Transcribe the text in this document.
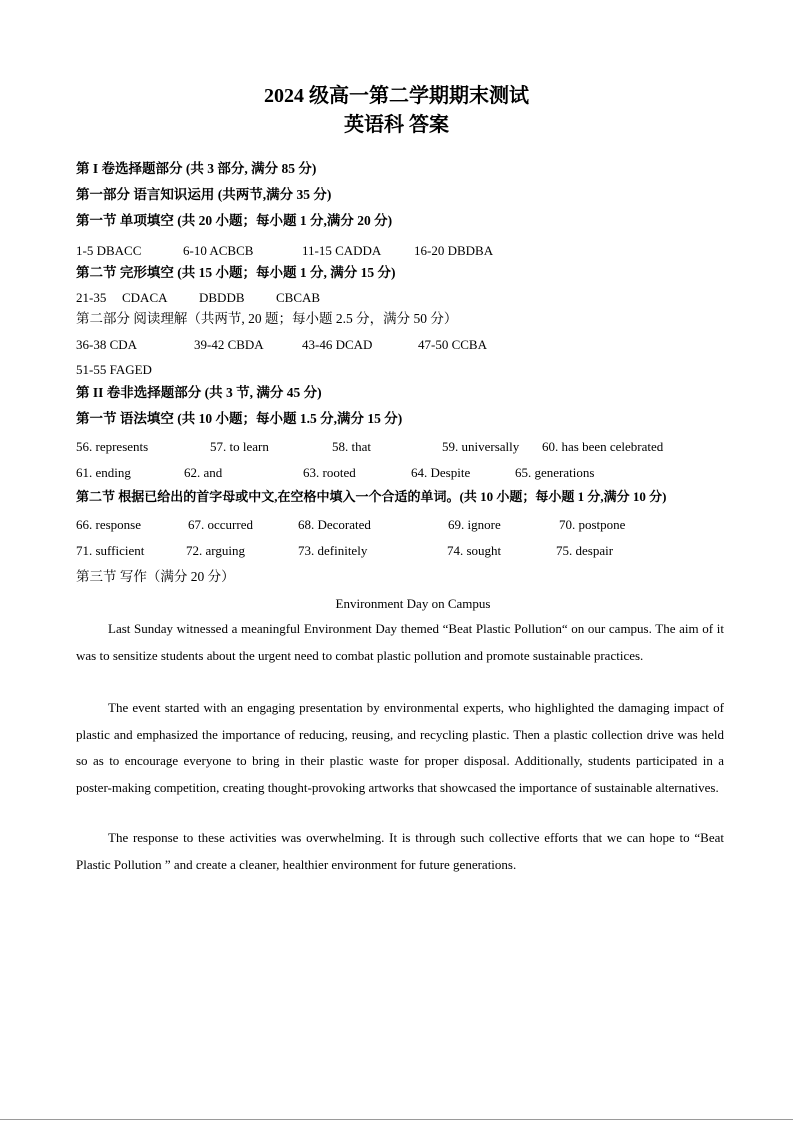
2024 级高一第二学期期末测试
英语科 答案
第 I 卷选择题部分 (共 3 部分, 满分 85 分)
第一部分 语言知识运用 (共两节,满分 35 分)
第一节 单项填空 (共 20 小题；每小题 1 分,满分 20 分)
1-5 DBACC	6-10 ACBCB	11-15 CADDA	16-20 DBDBA
第二节 完形填空 (共 15 小题；每小题 1 分, 满分 15 分)
21-35 CDACA DBDDB CBCAB
第二部分 阅读理解（共两节, 20 题；每小题 2.5 分，满分 50 分）
36-38 CDA	39-42 CBDA	43-46 DCAD	47-50 CCBA
51-55 FAGED
第 II 卷非选择题部分 (共 3 节, 满分 45 分)
第一节 语法填空 (共 10 小题；每小题 1.5 分,满分 15 分)
56. represents	57. to learn	58. that	59. universally 60. has been celebrated
61. ending	62. and	63. rooted	64. Despite	65. generations
第二节 根据已给出的首字母或中文,在空格中填入一个合适的单词。(共 10 小题；每小题 1 分,满分 10 分)
66. response	67. occurred	68. Decorated	69. ignore	70. postpone
71. sufficient	72. arguing	73. definitely	74. sought	75. despair
第三节 写作（满分 20 分）
Environment Day on Campus
Last Sunday witnessed a meaningful Environment Day themed “Beat Plastic Pollution“ on our campus. The aim of it was to sensitize students about the urgent need to combat plastic pollution and promote sustainable practices.
The event started with an engaging presentation by environmental experts, who highlighted the damaging impact of plastic and emphasized the importance of reducing, reusing, and recycling plastic. Then a plastic collection drive was held so as to encourage everyone to bring in their plastic waste for proper disposal. Additionally, students participated in a poster-making competition, creating thought-provoking artworks that showcased the importance of sustainable alternatives.
The response to these activities was overwhelming. It is through such collective efforts that we can hope to “Beat Plastic Pollution ” and create a cleaner, healthier environment for future generations.
